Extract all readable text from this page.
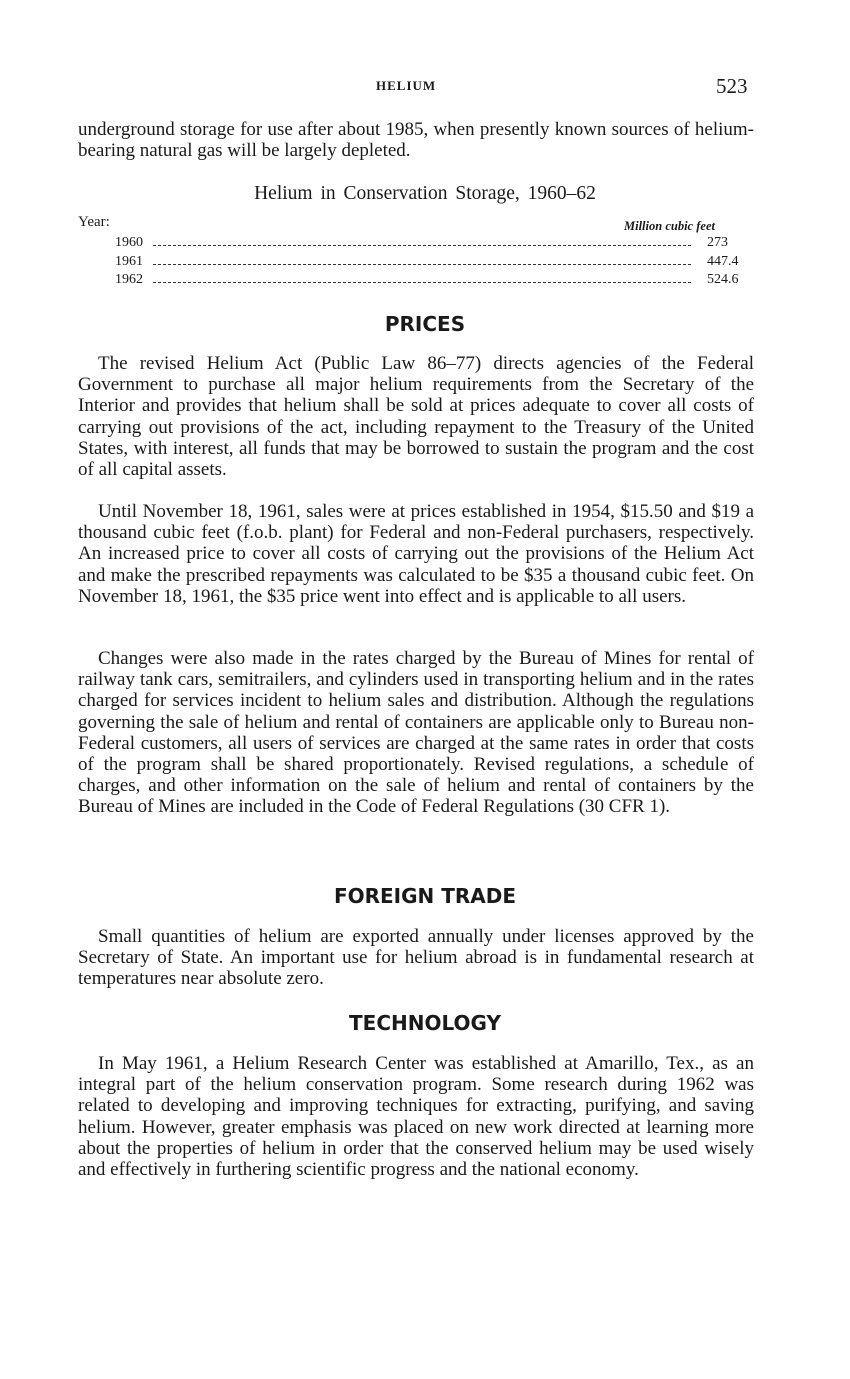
HELIUM	523

underground storage for use after about 1985, when presently known sources of helium-bearing natural gas will be largely depleted.

Helium in Conservation Storage, 1960–62
Year:	Million cubic feet
1960	273
1961	447.4
1962	524.6
PRICES

The revised Helium Act (Public Law 86–77) directs agencies of the Federal Government to purchase all major helium requirements from the Secretary of the Interior and provides that helium shall be sold at prices adequate to cover all costs of carrying out provisions of the act, including repayment to the Treasury of the United States, with interest, all funds that may be borrowed to sustain the program and the cost of all capital assets.

Until November 18, 1961, sales were at prices established in 1954, $15.50 and $19 a thousand cubic feet (f.o.b. plant) for Federal and non-Federal purchasers, respectively. An increased price to cover all costs of carrying out the provisions of the Helium Act and make the prescribed repayments was calculated to be $35 a thousand cubic feet. On November 18, 1961, the $35 price went into effect and is applicable to all users.

Changes were also made in the rates charged by the Bureau of Mines for rental of railway tank cars, semitrailers, and cylinders used in transporting helium and in the rates charged for services incident to helium sales and distribution. Although the regulations governing the sale of helium and rental of containers are applicable only to Bureau non-Federal customers, all users of services are charged at the same rates in order that costs of the program shall be shared proportionately. Revised regulations, a schedule of charges, and other information on the sale of helium and rental of containers by the Bureau of Mines are included in the Code of Federal Regulations (30 CFR 1).

FOREIGN TRADE

Small quantities of helium are exported annually under licenses approved by the Secretary of State. An important use for helium abroad is in fundamental research at temperatures near absolute zero.

TECHNOLOGY

In May 1961, a Helium Research Center was established at Amarillo, Tex., as an integral part of the helium conservation program. Some research during 1962 was related to developing and improving techniques for extracting, purifying, and saving helium. However, greater emphasis was placed on new work directed at learning more about the properties of helium in order that the conserved helium may be used wisely and effectively in furthering scientific progress and the national economy.
